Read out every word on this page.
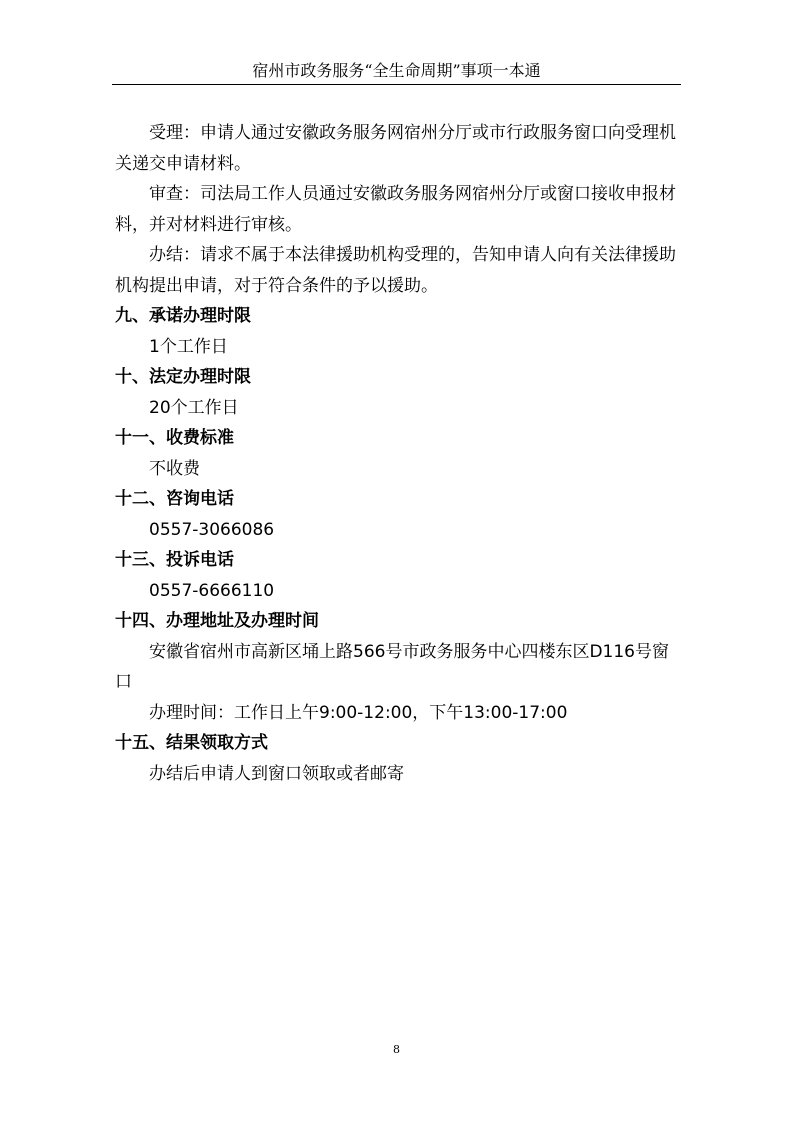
宿州市政务服务“全生命周期”事项一本通

受理：申请人通过安徽政务服务网宿州分厅或市行政服务窗口向受理机关递交申请材料。

审查：司法局工作人员通过安徽政务服务网宿州分厅或窗口接收申报材料，并对材料进行审核。

办结：请求不属于本法律援助机构受理的，告知申请人向有关法律援助机构提出申请，对于符合条件的予以援助。

九、承诺办理时限

1个工作日

十、法定办理时限

20个工作日

十一、收费标准

不收费

十二、咨询电话

0557-3066086

十三、投诉电话

0557-6666110

十四、办理地址及办理时间

安徽省宿州市高新区埇上路566号市政务服务中心四楼东区D116号窗口

办理时间：工作日上午9:00-12:00，下午13:00-17:00

十五、结果领取方式

办结后申请人到窗口领取或者邮寄

8
